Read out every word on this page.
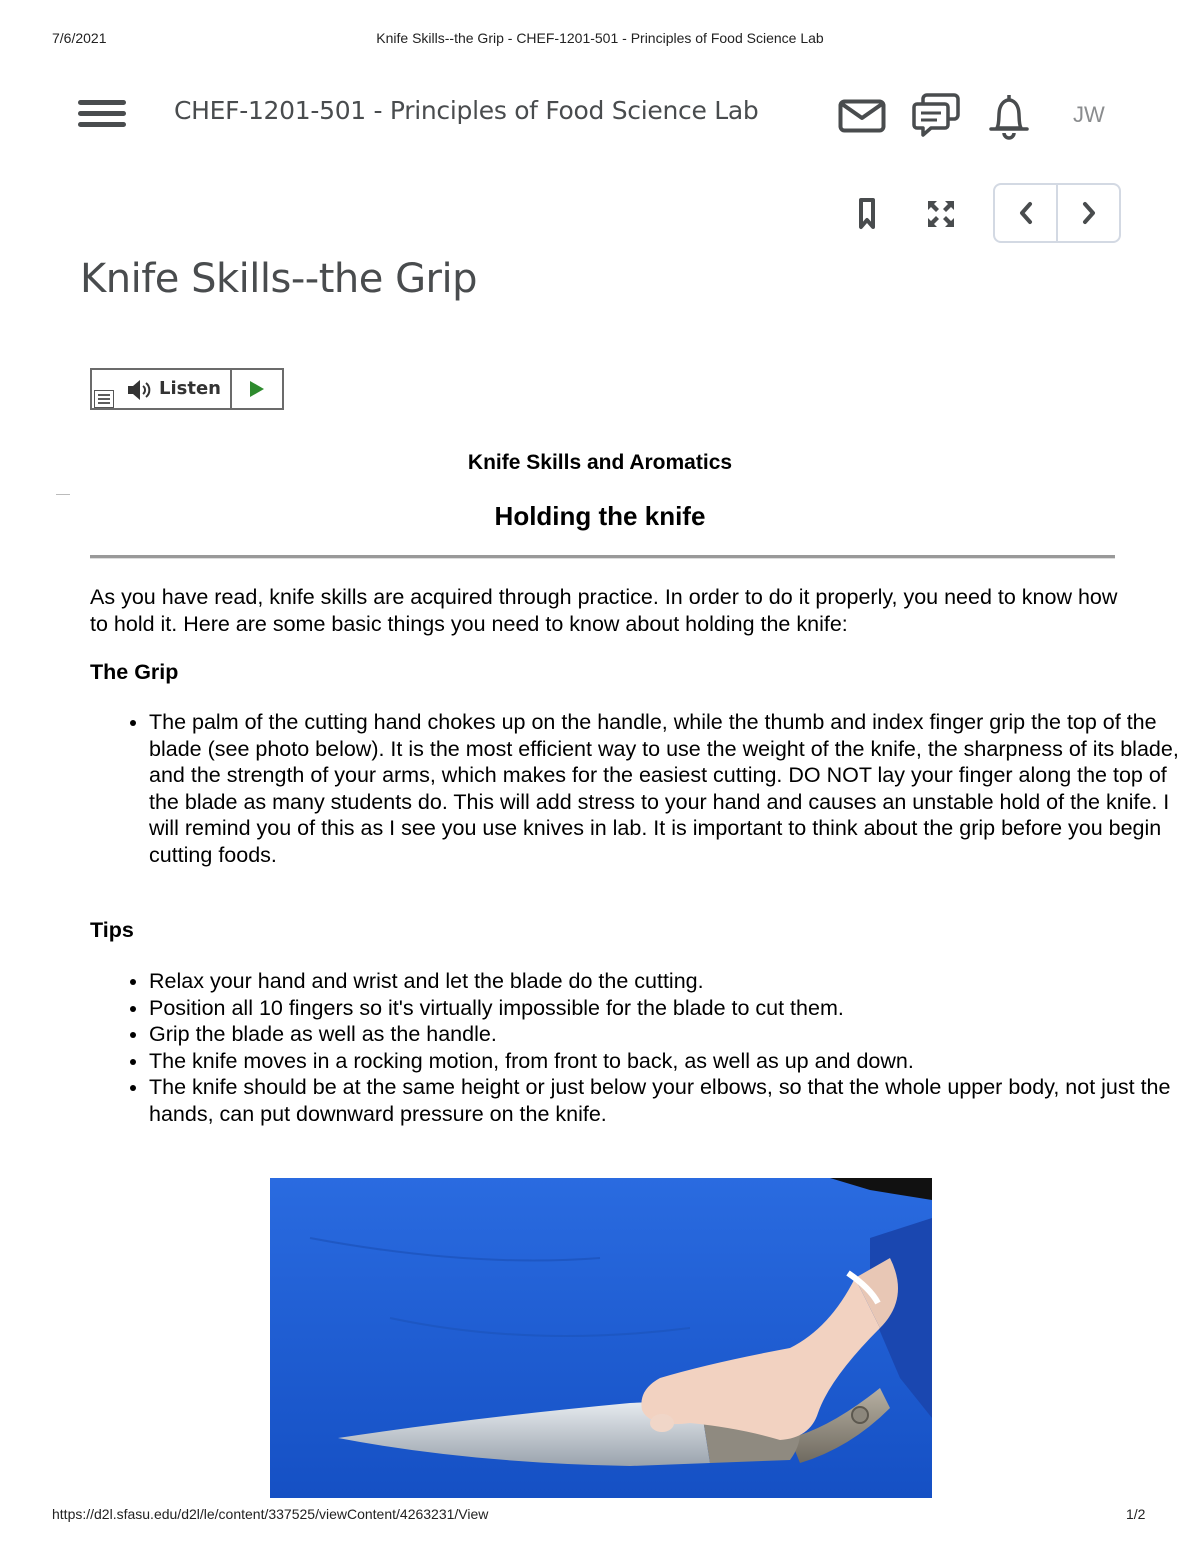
7/6/2021	Knife Skills--the Grip - CHEF-1201-501 - Principles of Food Science Lab
CHEF-1201-501 - Principles of Food Science Lab	JW
Knife Skills--the Grip
Listen
Knife Skills and Aromatics
Holding the knife
As you have read, knife skills are acquired through practice. In order to do it properly, you need to know how to hold it. Here are some basic things you need to know about holding the knife:
The Grip
• The palm of the cutting hand chokes up on the handle, while the thumb and index finger grip the top of the blade (see photo below). It is the most efficient way to use the weight of the knife, the sharpness of its blade, and the strength of your arms, which makes for the easiest cutting. DO NOT lay your finger along the top of the blade as many students do. This will add stress to your hand and causes an unstable hold of the knife. I will remind you of this as I see you use knives in lab. It is important to think about the grip before you begin cutting foods.
Tips
• Relax your hand and wrist and let the blade do the cutting.
• Position all 10 fingers so it's virtually impossible for the blade to cut them.
• Grip the blade as well as the handle.
• The knife moves in a rocking motion, from front to back, as well as up and down.
• The knife should be at the same height or just below your elbows, so that the whole upper body, not just the hands, can put downward pressure on the knife.
https://d2l.sfasu.edu/d2l/le/content/337525/viewContent/4263231/View	1/2
